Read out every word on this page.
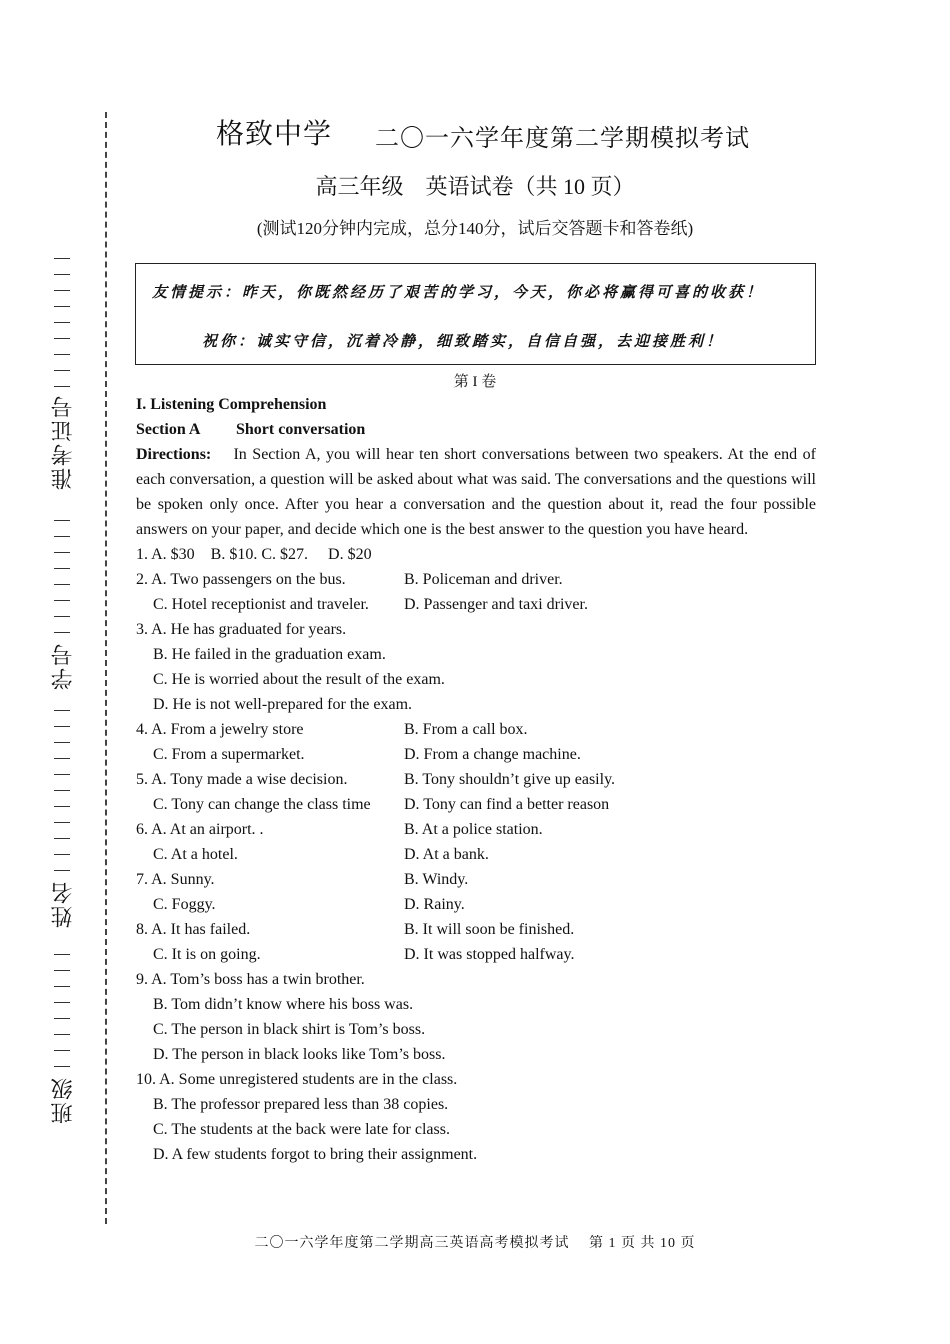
准考证号
学号
姓名
班级
格致中学 二〇一六学年度第二学期模拟考试
高三年级　英语试卷（共 10 页）
(测试120分钟内完成，总分140分，试后交答题卡和答卷纸)
友情提示：昨天，你既然经历了艰苦的学习，今天，你必将赢得可喜的收获！
祝你：诚实守信，沉着冷静，细致踏实，自信自强，去迎接胜利！
第 I 卷
I. Listening Comprehension
Section A Short conversation
Directions: In Section A, you will hear ten short conversations between two speakers. At the end of each conversation, a question will be asked about what was said. The conversations and the questions will be spoken only once. After you hear a conversation and the question about it, read the four possible answers on your paper, and decide which one is the best answer to the question you have heard.
1. A. $30　B. $10. C. $27.　 D. $20
2. A. Two passengers on the bus.	B. Policeman and driver.
C. Hotel receptionist and traveler. D. Passenger and taxi driver.
3. A. He has graduated for years.
B. He failed in the graduation exam.
C. He is worried about the result of the exam.
D. He is not well-prepared for the exam.
4. A. From a jewelry store	B. From a call box.
C. From a supermarket.	D. From a change machine.
5. A. Tony made a wise decision.	B. Tony shouldn’t give up easily.
C. Tony can change the class time D. Tony can find a better reason
6. A. At an airport. .	B. At a police station.
C. At a hotel.	D. At a bank.
7. A. Sunny.	B. Windy.
C. Foggy.	D. Rainy.
8. A. It has failed.	B. It will soon be finished.
C. It is on going.	D. It was stopped halfway.
9. A. Tom’s boss has a twin brother.
B. Tom didn’t know where his boss was.
C. The person in black shirt is Tom’s boss.
D. The person in black looks like Tom’s boss.
10. A. Some unregistered students are in the class.
B. The professor prepared less than 38 copies.
C. The students at the back were late for class.
D. A few students forgot to bring their assignment.
二〇一六学年度第二学期高三英语高考模拟考试　 第 1 页 共 10 页
